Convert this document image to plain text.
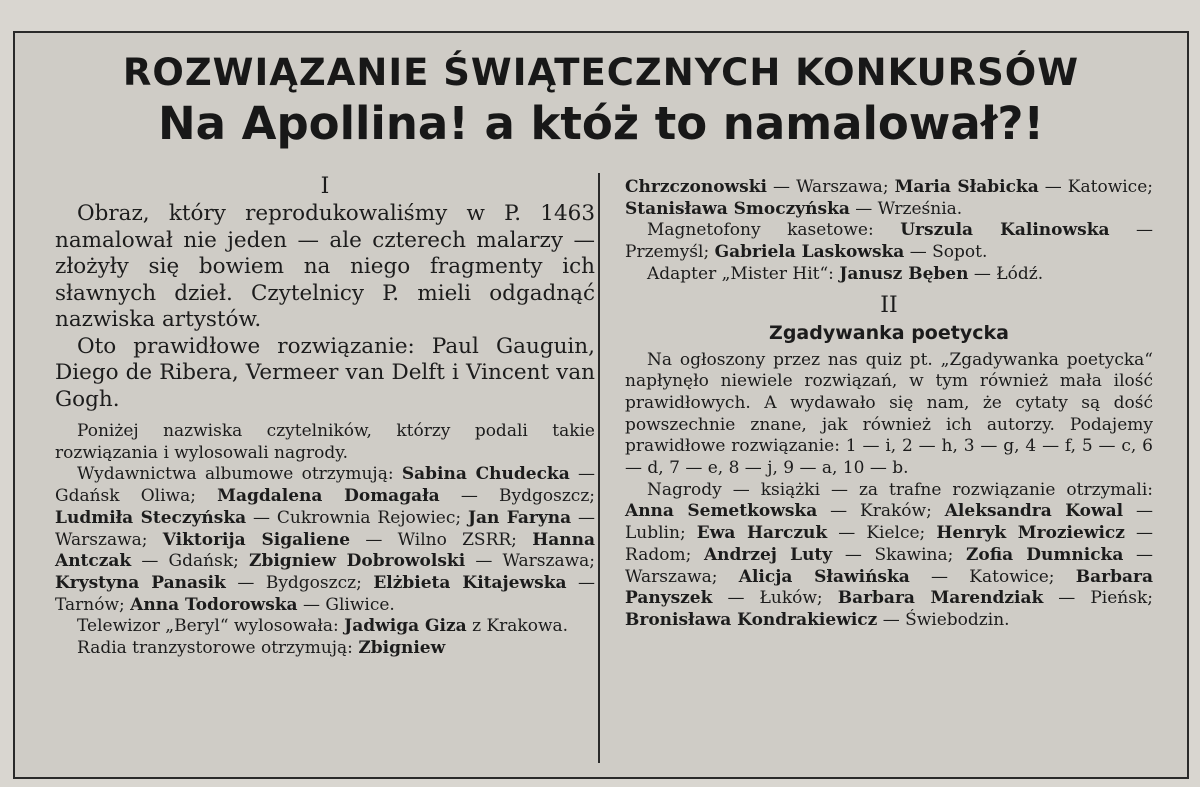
ROZWIĄZANIE ŚWIĄTECZNYCH KONKURSÓW
Na Apollina! a któż to namalował?!

I

Obraz, który reprodukowaliśmy w P. 1463 namalował nie jeden — ale czterech malarzy — złożyły się bowiem na niego fragmenty ich sławnych dzieł. Czytelnicy P. mieli odgadnąć nazwiska artystów.

Oto prawidłowe rozwiązanie: Paul Gauguin, Diego de Ribera, Vermeer van Delft i Vincent van Gogh.

Poniżej nazwiska czytelników, którzy podali takie rozwiązania i wylosowali nagrody.

Wydawnictwa albumowe otrzymują: Sabina Chudecka — Gdańsk Oliwa; Magdalena Domagała — Bydgoszcz; Ludmiła Steczyńska — Cukrownia Rejowiec; Jan Faryna — Warszawa; Viktorija Sigaliene — Wilno ZSRR; Hanna Antczak — Gdańsk; Zbigniew Dobrowolski — Warszawa; Krystyna Panasik — Bydgoszcz; Elżbieta Kitajewska — Tarnów; Anna Todorowska — Gliwice.

Telewizor „Beryl“ wylosowała: Jadwiga Giza z Krakowa.

Radia tranzystorowe otrzymują: Zbigniew

Chrzczonowski — Warszawa; Maria Słabicka — Katowice; Stanisława Smoczyńska — Września.

Magnetofony kasetowe: Urszula Kalinowska — Przemyśl; Gabriela Laskowska — Sopot.

Adapter „Mister Hit“: Janusz Bęben — Łódź.

II

Zgadywanka poetycka

Na ogłoszony przez nas quiz pt. „Zgadywanka poetycka“ napłynęło niewiele rozwiązań, w tym również mała ilość prawidłowych. A wydawało się nam, że cytaty są dość powszechnie znane, jak również ich autorzy. Podajemy prawidłowe rozwiązanie: 1 — i, 2 — h, 3 — g, 4 — f, 5 — c, 6 — d, 7 — e, 8 — j, 9 — a, 10 — b.

Nagrody — książki — za trafne rozwiązanie otrzymali: Anna Semetkowska — Kraków; Aleksandra Kowal — Lublin; Ewa Harczuk — Kielce; Henryk Mroziewicz — Radom; Andrzej Luty — Skawina; Zofia Dumnicka — Warszawa; Alicja Sławińska — Katowice; Barbara Panyszek — Łuków; Barbara Marendziak — Pieńsk; Bronisława Kondrakiewicz — Świebodzin.
